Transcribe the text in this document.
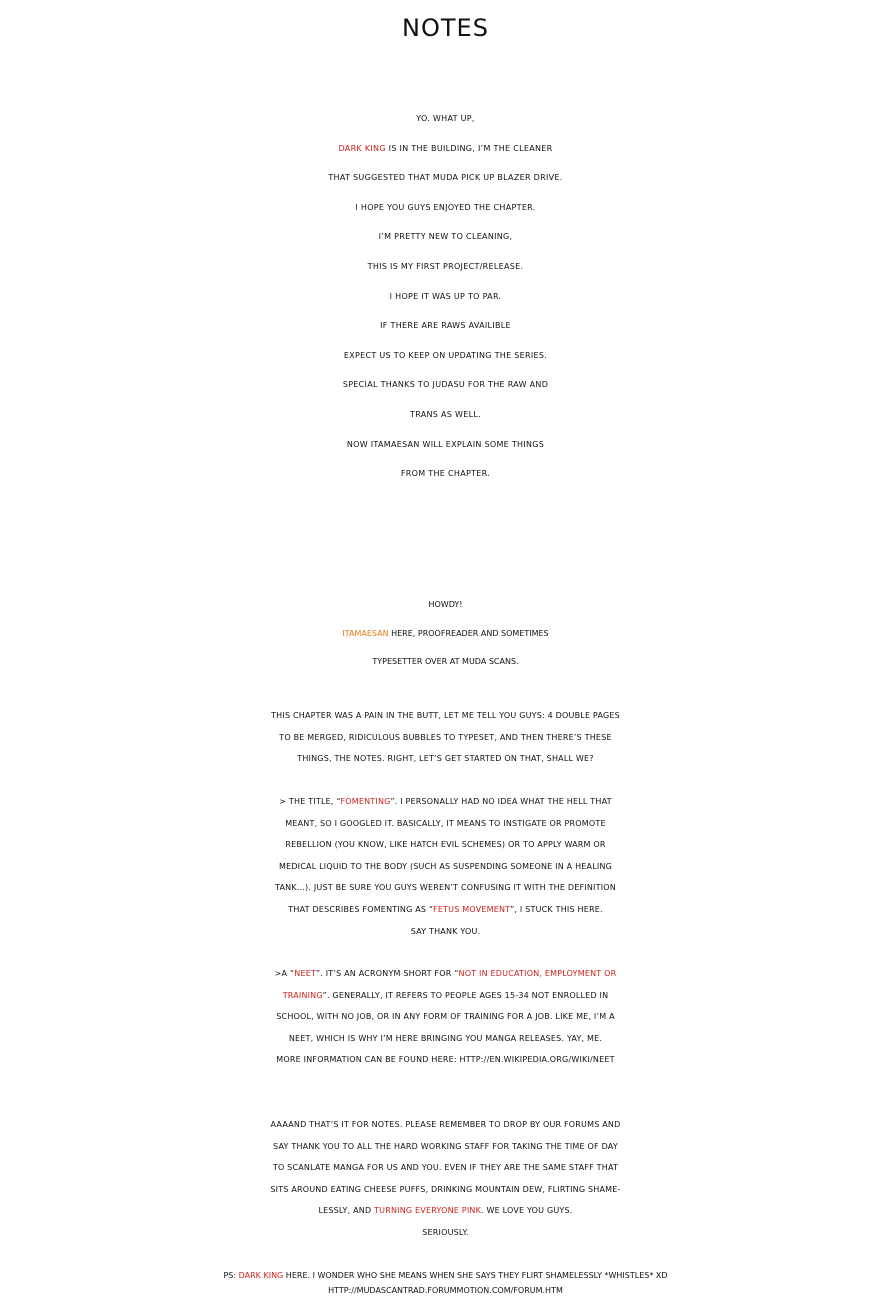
NOTES
YO. WHAT UP,
DARK KING IS IN THE BUILDING, I’M THE CLEANER
THAT SUGGESTED THAT MUDA PICK UP BLAZER DRIVE.
I HOPE YOU GUYS ENJOYED THE CHAPTER.
I’M PRETTY NEW TO CLEANING,
THIS IS MY FIRST PROJECT/RELEASE.
I HOPE IT WAS UP TO PAR.
IF THERE ARE RAWS AVAILIBLE
EXPECT US TO KEEP ON UPDATING THE SERIES.
SPECIAL THANKS TO JUDASU FOR THE RAW AND
TRANS AS WELL.
NOW ITAMAESAN WILL EXPLAIN SOME THINGS
FROM THE CHAPTER.
HOWDY!
ITAMAESAN HERE, PROOFREADER AND SOMETIMES
TYPESETTER OVER AT MUDA SCANS.
THIS CHAPTER WAS A PAIN IN THE BUTT, LET ME TELL YOU GUYS: 4 DOUBLE PAGES
TO BE MERGED, RIDICULOUS BUBBLES TO TYPESET, AND THEN THERE’S THESE
THINGS, THE NOTES. RIGHT, LET’S GET STARTED ON THAT, SHALL WE?
> THE TITLE, “FOMENTING”. I PERSONALLY HAD NO IDEA WHAT THE HELL THAT
MEANT, SO I GOOGLED IT. BASICALLY, IT MEANS TO INSTIGATE OR PROMOTE
REBELLION (YOU KNOW, LIKE HATCH EVIL SCHEMES) OR TO APPLY WARM OR
MEDICAL LIQUID TO THE BODY (SUCH AS SUSPENDING SOMEONE IN A HEALING
TANK...). JUST BE SURE YOU GUYS WEREN’T CONFUSING IT WITH THE DEFINITION
THAT DESCRIBES FOMENTING AS “FETUS MOVEMENT”, I STUCK THIS HERE.
SAY THANK YOU.
>A “NEET”. IT’S AN ACRONYM SHORT FOR “NOT IN EDUCATION, EMPLOYMENT OR
TRAINING”. GENERALLY, IT REFERS TO PEOPLE AGES 15-34 NOT ENROLLED IN
SCHOOL, WITH NO JOB, OR IN ANY FORM OF TRAINING FOR A JOB. LIKE ME, I’M A
NEET, WHICH IS WHY I’M HERE BRINGING YOU MANGA RELEASES. YAY, ME.
MORE INFORMATION CAN BE FOUND HERE: HTTP://EN.WIKIPEDIA.ORG/WIKI/NEET
AAAAND THAT’S IT FOR NOTES. PLEASE REMEMBER TO DROP BY OUR FORUMS AND
SAY THANK YOU TO ALL THE HARD WORKING STAFF FOR TAKING THE TIME OF DAY
TO SCANLATE MANGA FOR US AND YOU. EVEN IF THEY ARE THE SAME STAFF THAT
SITS AROUND EATING CHEESE PUFFS, DRINKING MOUNTAIN DEW, FLIRTING SHAME-
LESSLY, AND TURNING EVERYONE PINK. WE LOVE YOU GUYS.
SERIOUSLY.
PS: DARK KING HERE. I WONDER WHO SHE MEANS WHEN SHE SAYS THEY FLIRT SHAMELESSLY *WHISTLES* XD
HTTP://MUDASCANTRAD.FORUMMOTION.COM/FORUM.HTM
